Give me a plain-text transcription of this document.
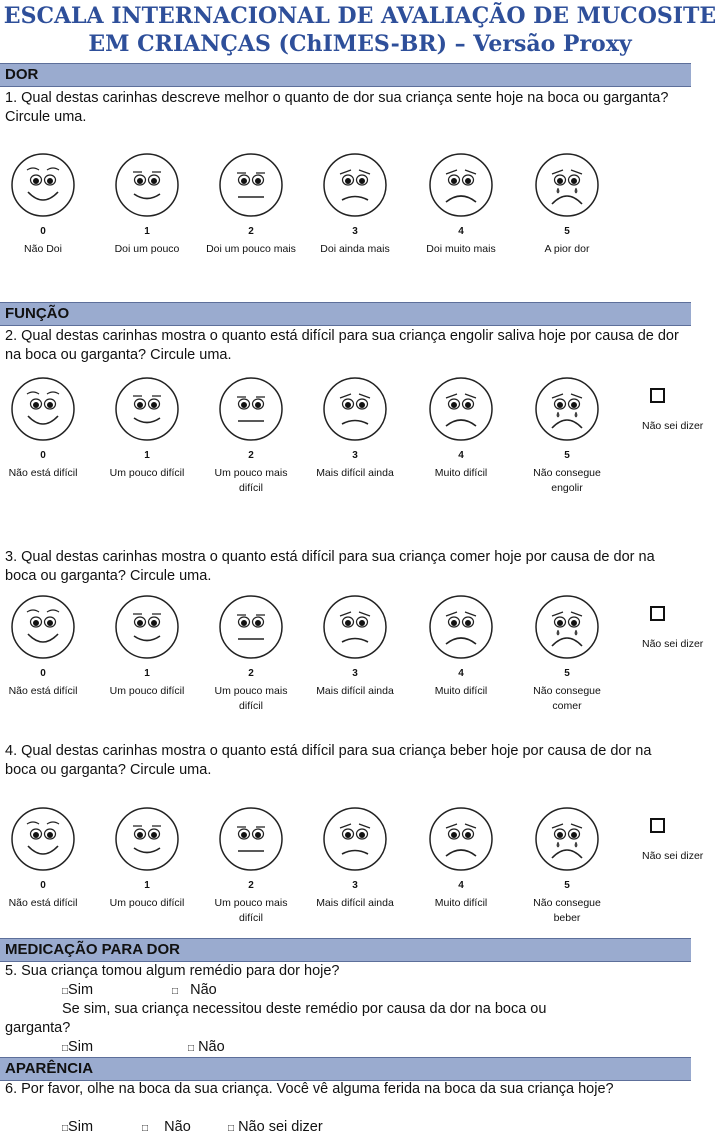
ESCALA INTERNACIONAL DE AVALIAÇÃO DE MUCOSITE
EM CRIANÇAS (ChIMES-BR) – Versão Proxy
DOR
1. Qual destas carinhas descreve melhor o quanto de dor sua criança sente hoje na boca ou garganta? Circule uma.
0
Não Doi
1
Doi um pouco
2
Doi um pouco mais
3
Doi ainda mais
4
Doi muito mais
5
A pior dor
FUNÇÃO
2. Qual destas carinhas mostra o quanto está difícil para sua criança engolir saliva hoje por causa de dor na boca ou garganta? Circule uma.
0
Não está difícil
1
Um pouco difícil
2
Um pouco mais difícil
3
Mais difícil ainda
4
Muito difícil
5
Não consegue engolir
Não sei dizer
3. Qual destas carinhas mostra o quanto está difícil para sua criança comer hoje por causa de dor na boca ou garganta? Circule uma.
0
Não está difícil
1
Um pouco difícil
2
Um pouco mais difícil
3
Mais difícil ainda
4
Muito difícil
5
Não consegue comer
Não sei dizer
4. Qual destas carinhas mostra o quanto está difícil para sua criança beber hoje por causa de dor na boca ou garganta? Circule uma.
0
Não está difícil
1
Um pouco difícil
2
Um pouco mais difícil
3
Mais difícil ainda
4
Muito difícil
5
Não consegue beber
Não sei dizer
MEDICAÇÃO PARA DOR
5. Sua criança tomou algum remédio para dor hoje?
□Sim	□ Não
Se sim, sua criança necessitou deste remédio por causa da dor na boca ou
garganta?
□Sim	□ Não
APARÊNCIA
6. Por favor, olhe na boca da sua criança. Você vê alguma ferida na boca da sua criança hoje?
□Sim	□ Não	□ Não sei dizer
